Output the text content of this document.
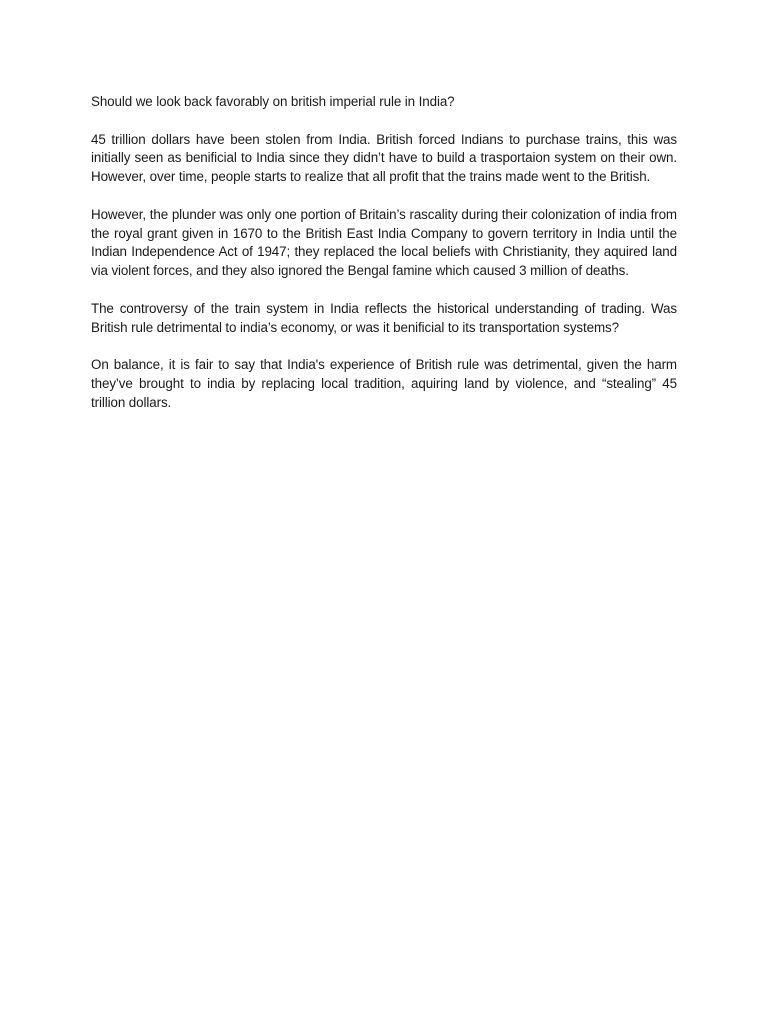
Should we look back favorably on british imperial rule in India?

45 trillion dollars have been stolen from India. British forced Indians to purchase trains, this was initially seen as benificial to India since they didn’t have to build a trasportaion system on their own. However, over time, people starts to realize that all profit that the trains made went to the British.

However, the plunder was only one portion of Britain’s rascality during their colonization of india from the royal grant given in 1670 to the British East India Company to govern territory in India until the Indian Independence Act of 1947; they replaced the local beliefs with Christianity, they aquired land via violent forces, and they also ignored the Bengal famine which caused 3 million of deaths.

The controversy of the train system in India reflects the historical understanding of trading. Was British rule detrimental to india’s economy, or was it benificial to its transportation systems?

On balance, it is fair to say that India's experience of British rule was detrimental, given the harm they’ve brought to india by replacing local tradition, aquiring land by violence, and “stealing” 45 trillion dollars.
